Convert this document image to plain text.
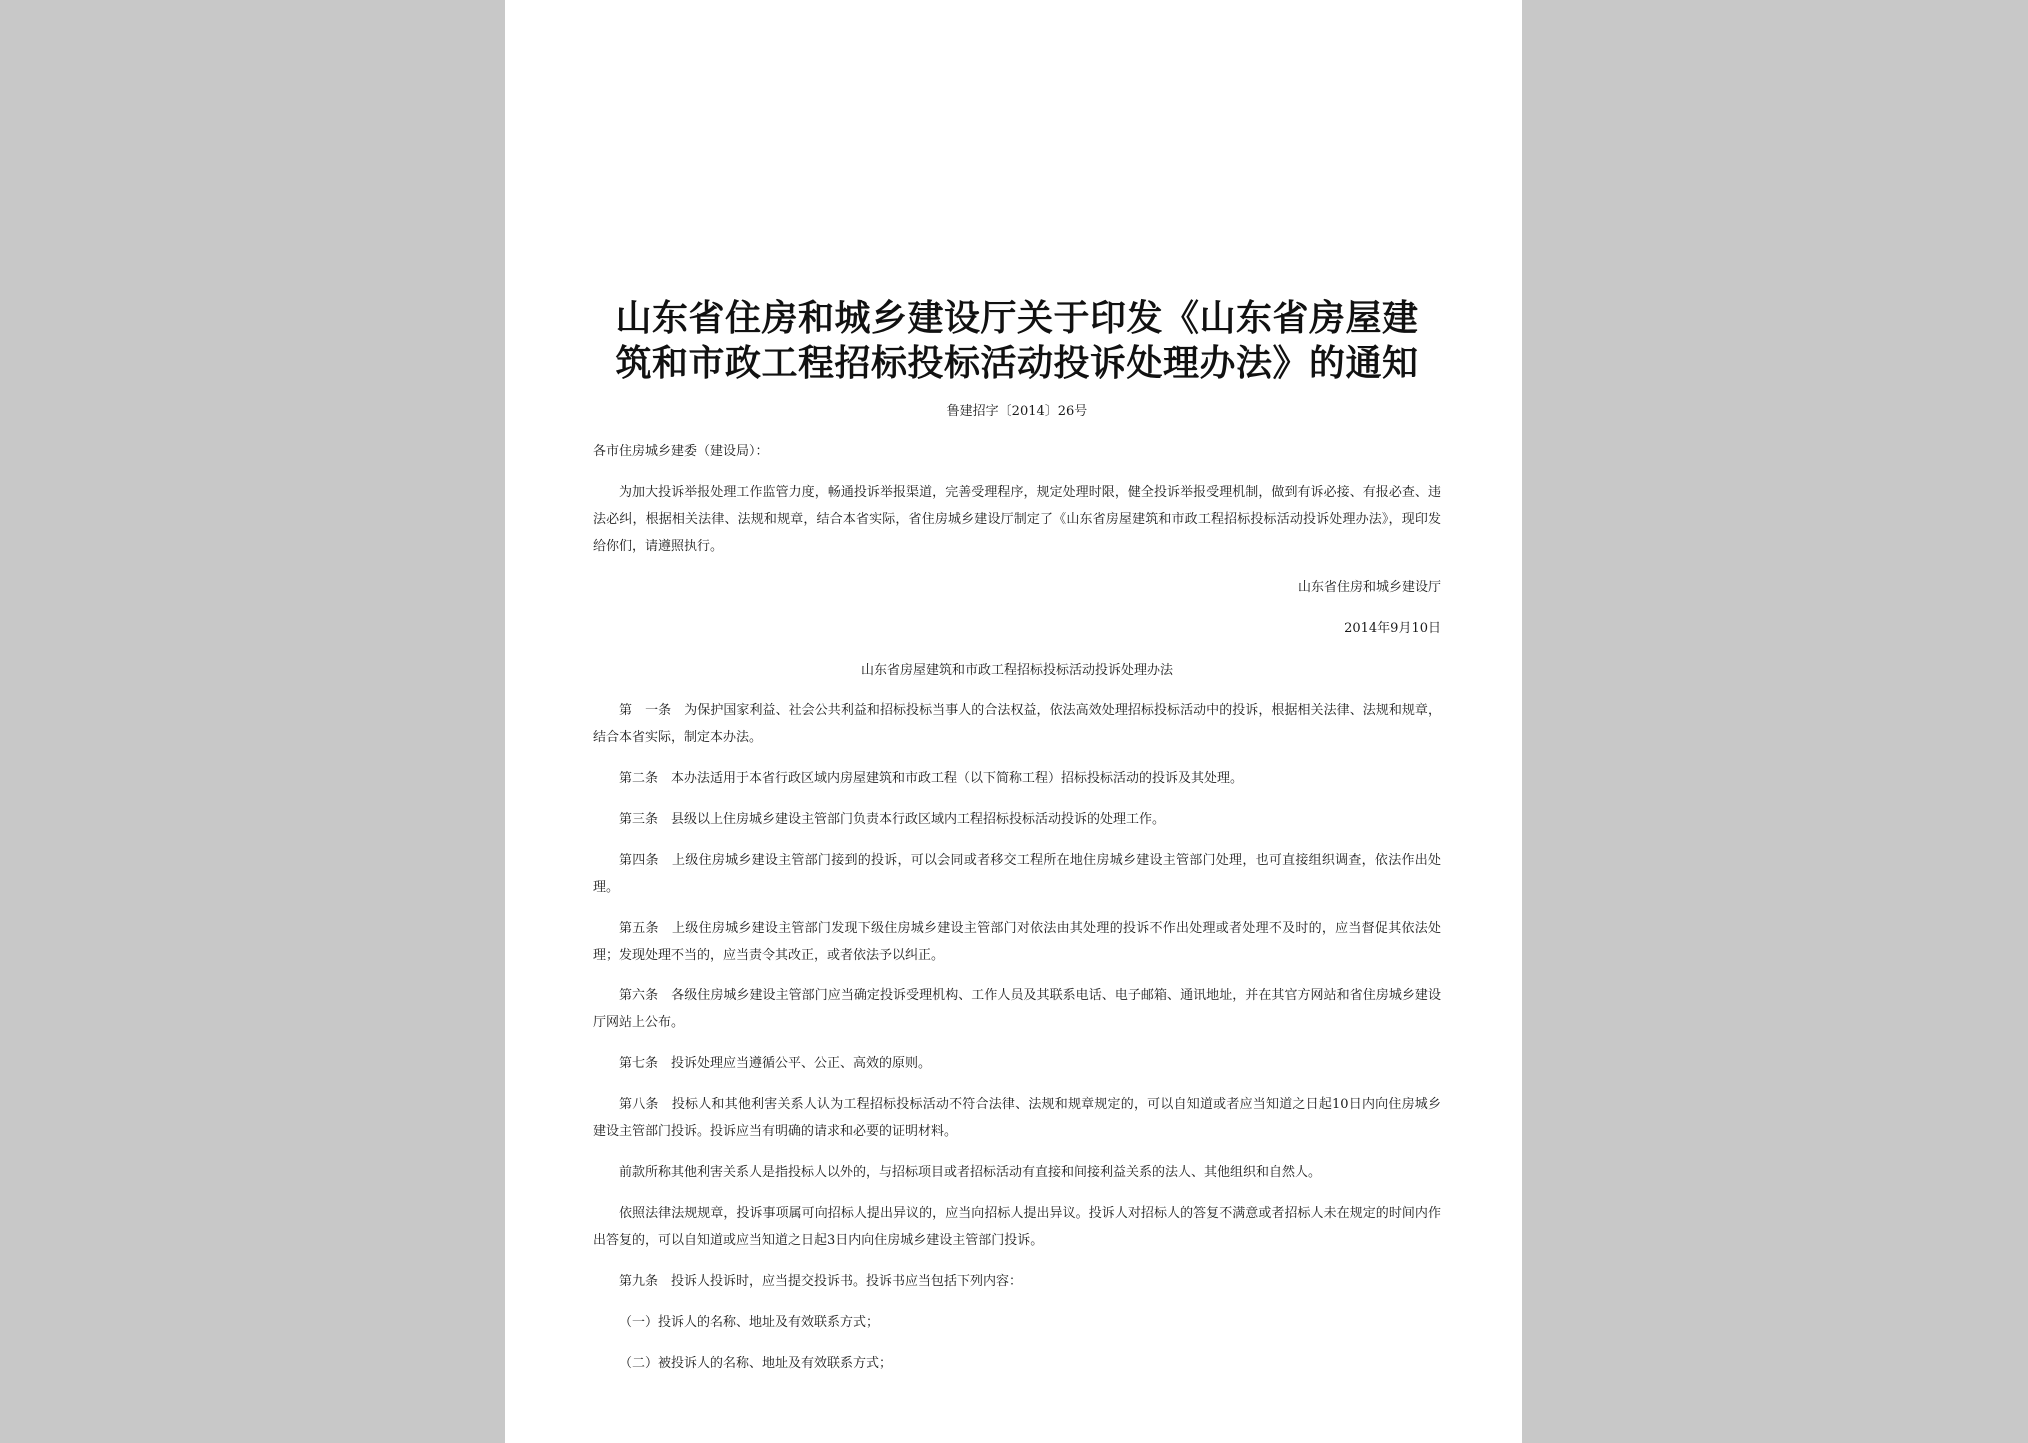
山东省住房和城乡建设厅关于印发《山东省房屋建
筑和市政工程招标投标活动投诉处理办法》的通知
鲁建招字〔2014〕26号
各市住房城乡建委（建设局）：
为加大投诉举报处理工作监管力度，畅通投诉举报渠道，完善受理程序，规定处理时限，健全投诉举报受理机制，做到有诉必接、有报必查、违法必纠，根据相关法律、法规和规章，结合本省实际，省住房城乡建设厅制定了《山东省房屋建筑和市政工程招标投标活动投诉处理办法》，现印发给你们，请遵照执行。
山东省住房和城乡建设厅
2014年9月10日
山东省房屋建筑和市政工程招标投标活动投诉处理办法
第　一条　为保护国家利益、社会公共利益和招标投标当事人的合法权益，依法高效处理招标投标活动中的投诉，根据相关法律、法规和规章，结合本省实际，制定本办法。
第二条　本办法适用于本省行政区域内房屋建筑和市政工程（以下简称工程）招标投标活动的投诉及其处理。
第三条　县级以上住房城乡建设主管部门负责本行政区域内工程招标投标活动投诉的处理工作。
第四条　上级住房城乡建设主管部门接到的投诉，可以会同或者移交工程所在地住房城乡建设主管部门处理，也可直接组织调查，依法作出处理。
第五条　上级住房城乡建设主管部门发现下级住房城乡建设主管部门对依法由其处理的投诉不作出处理或者处理不及时的，应当督促其依法处理；发现处理不当的，应当责令其改正，或者依法予以纠正。
第六条　各级住房城乡建设主管部门应当确定投诉受理机构、工作人员及其联系电话、电子邮箱、通讯地址，并在其官方网站和省住房城乡建设厅网站上公布。
第七条　投诉处理应当遵循公平、公正、高效的原则。
第八条　投标人和其他利害关系人认为工程招标投标活动不符合法律、法规和规章规定的，可以自知道或者应当知道之日起10日内向住房城乡建设主管部门投诉。投诉应当有明确的请求和必要的证明材料。
前款所称其他利害关系人是指投标人以外的，与招标项目或者招标活动有直接和间接利益关系的法人、其他组织和自然人。
依照法律法规规章，投诉事项属可向招标人提出异议的，应当向招标人提出异议。投诉人对招标人的答复不满意或者招标人未在规定的时间内作出答复的，可以自知道或应当知道之日起3日内向住房城乡建设主管部门投诉。
第九条　投诉人投诉时，应当提交投诉书。投诉书应当包括下列内容：
（一）投诉人的名称、地址及有效联系方式；
（二）被投诉人的名称、地址及有效联系方式；
